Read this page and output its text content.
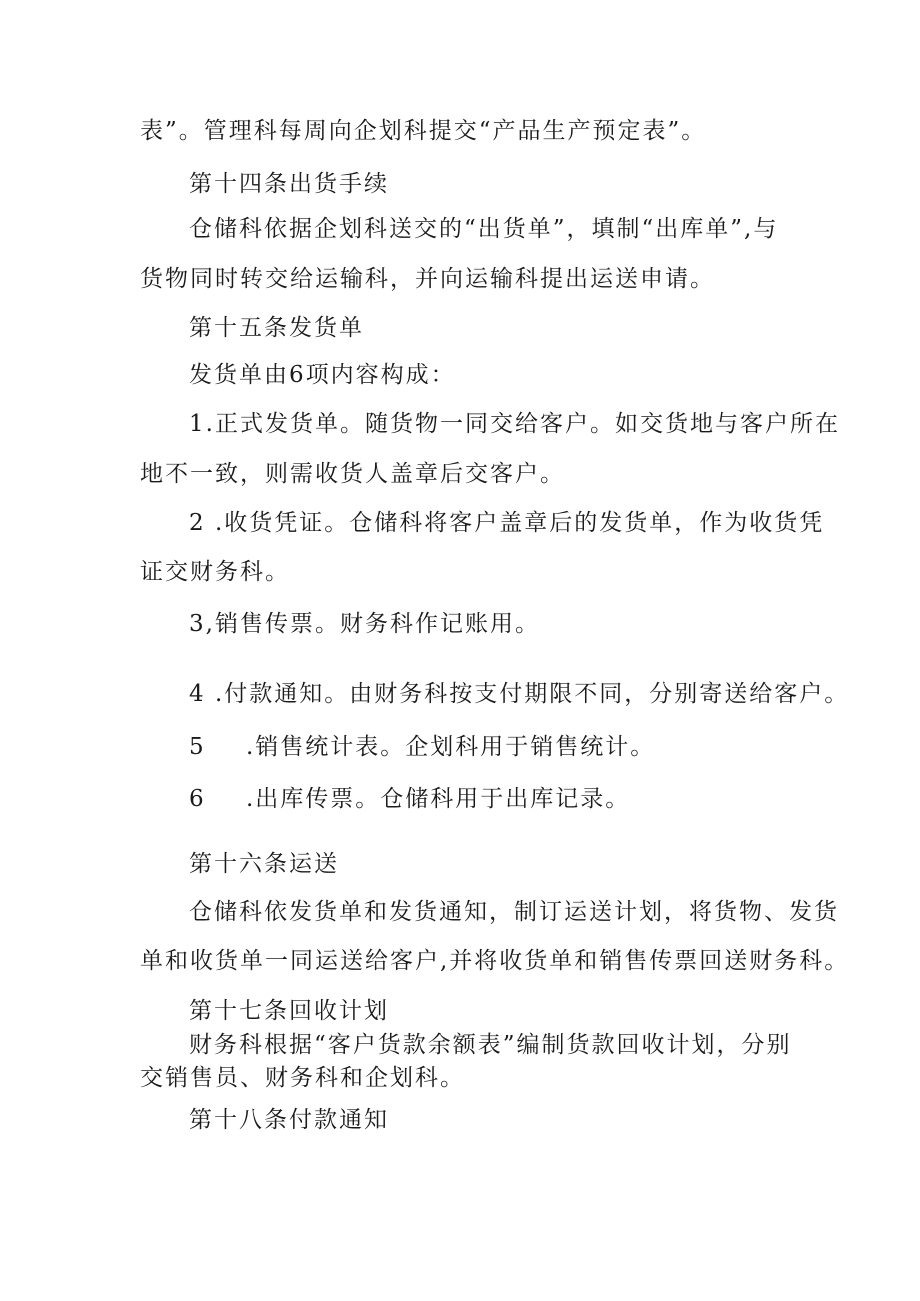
表”。管理科每周向企划科提交“产品生产预定表”。
第十四条出货手续
仓储科依据企划科送交的“出货单”，填制“出库单”,与
货物同时转交给运输科，并向运输科提出运送申请。
第十五条发货单
发货单由6项内容构成：
1.正式发货单。随货物一同交给客户。如交货地与客户所在
地不一致，则需收货人盖章后交客户。
2 .收货凭证。仓储科将客户盖章后的发货单，作为收货凭
证交财务科。
3,销售传票。财务科作记账用。
4 .付款通知。由财务科按支付期限不同，分别寄送给客户。
5 .销售统计表。企划科用于销售统计。
6 .出库传票。仓储科用于出库记录。
第十六条运送
仓储科依发货单和发货通知，制订运送计划，将货物、发货
单和收货单一同运送给客户,并将收货单和销售传票回送财务科。
第十七条回收计划
财务科根据“客户货款余额表”编制货款回收计划，分别
交销售员、财务科和企划科。
第十八条付款通知
